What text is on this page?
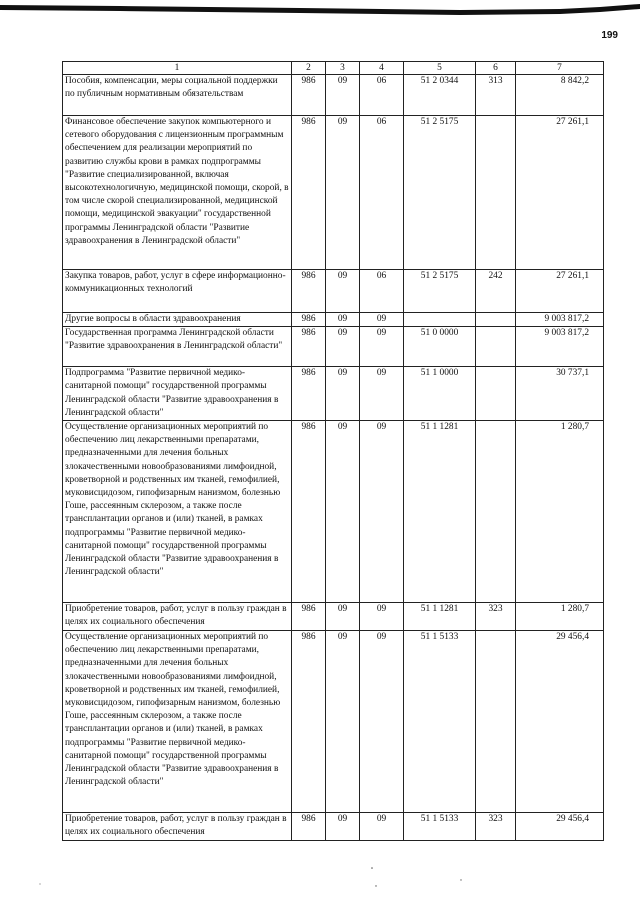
199
1	2	3	4	5	6	7
Пособия, компенсации, меры социальной поддержки по публичным нормативным обязательствам	986	09	06	51 2 0344	313	8 842,2
Финансовое обеспечение закупок компьютерного и сетевого оборудования с лицензионным программным обеспечением для реализации мероприятий по развитию службы крови в рамках подпрограммы "Развитие специализированной, включая высокотехнологичную, медицинской помощи, скорой, в том числе скорой специализированной, медицинской помощи, медицинской эвакуации" государственной программы Ленинградской области "Развитие здравоохранения в Ленинградской области"	986	09	06	51 2 5175		27 261,1
Закупка товаров, работ, услуг в сфере информационно-коммуникационных технологий	986	09	06	51 2 5175	242	27 261,1
Другие вопросы в области здравоохранения	986	09	09			9 003 817,2
Государственная программа Ленинградской области "Развитие здравоохранения в Ленинградской области"	986	09	09	51 0 0000		9 003 817,2
Подпрограмма "Развитие первичной медико-санитарной помощи" государственной программы Ленинградской области "Развитие здравоохранения в Ленинградской области"	986	09	09	51 1 0000		30 737,1
Осуществление организационных мероприятий по обеспечению лиц лекарственными препаратами, предназначенными для лечения больных злокачественными новообразованиями лимфоидной, кроветворной и родственных им тканей, гемофилией, муковисцидозом, гипофизарным нанизмом, болезнью Гоше, рассеянным склерозом, а также после трансплантации органов и (или) тканей, в рамках подпрограммы "Развитие первичной медико-санитарной помощи" государственной программы Ленинградской области "Развитие здравоохранения в Ленинградской области"	986	09	09	51 1 1281		1 280,7
Приобретение товаров, работ, услуг в пользу граждан в целях их социального обеспечения	986	09	09	51 1 1281	323	1 280,7
Осуществление организационных мероприятий по обеспечению лиц лекарственными препаратами, предназначенными для лечения больных злокачественными новообразованиями лимфоидной, кроветворной и родственных им тканей, гемофилией, муковисцидозом, гипофизарным нанизмом, болезнью Гоше, рассеянным склерозом, а также после трансплантации органов и (или) тканей, в рамках подпрограммы "Развитие первичной медико-санитарной помощи" государственной программы Ленинградской области "Развитие здравоохранения в Ленинградской области"	986	09	09	51 1 5133		29 456,4
Приобретение товаров, работ, услуг в пользу граждан в целях их социального обеспечения	986	09	09	51 1 5133	323	29 456,4
